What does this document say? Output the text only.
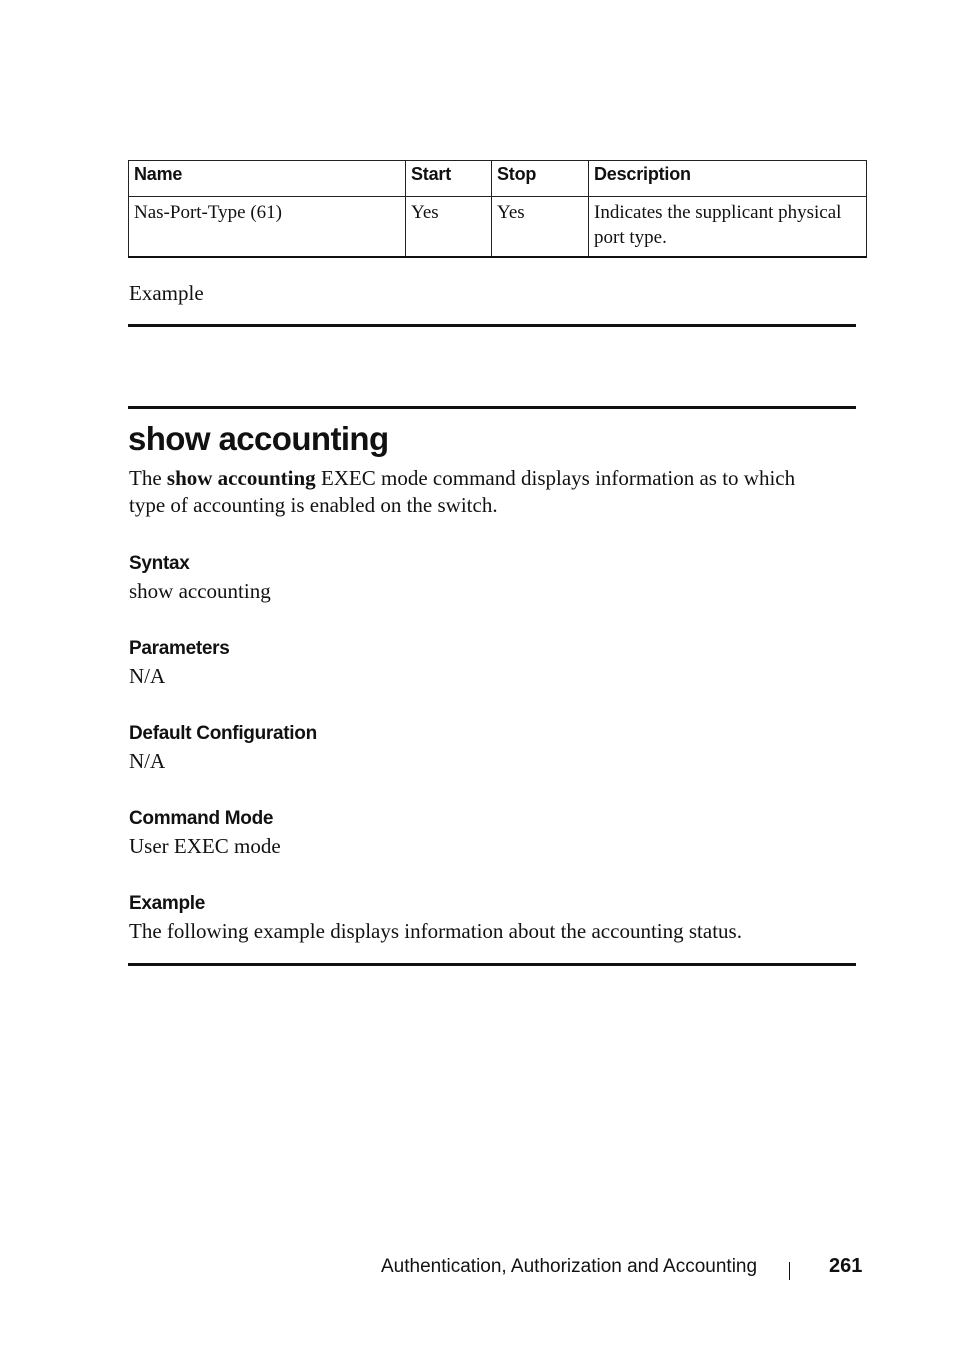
Name	Start	Stop	Description
Nas-Port-Type (61)	Yes	Yes	Indicates the supplicant physical port type.
Example
show accounting
The show accounting EXEC mode command displays information as to which type of accounting is enabled on the switch.
Syntax
show accounting
Parameters
N/A
Default Configuration
N/A
Command Mode
User EXEC mode
Example
The following example displays information about the accounting status.
Authentication, Authorization and Accounting	261
